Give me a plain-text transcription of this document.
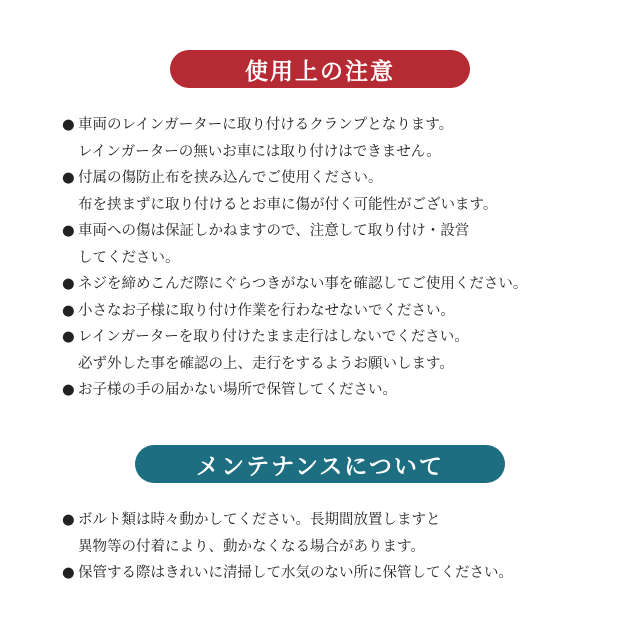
使用上の注意
● 車両のレインガーターに取り付けるクランプとなります。
レインガーターの無いお車には取り付けはできません。
● 付属の傷防止布を挟み込んでご使用ください。
布を挟まずに取り付けるとお車に傷が付く可能性がございます。
● 車両への傷は保証しかねますので、注意して取り付け・設営
してください。
● ネジを締めこんだ際にぐらつきがない事を確認してご使用ください。
● 小さなお子様に取り付け作業を行わなせないでください。
● レインガーターを取り付けたまま走行はしないでください。
必ず外した事を確認の上、走行をするようお願いします。
● お子様の手の届かない場所で保管してください。
メンテナンスについて
● ボルト類は時々動かしてください。長期間放置しますと
異物等の付着により、動かなくなる場合があります。
● 保管する際はきれいに清掃して水気のない所に保管してください。
